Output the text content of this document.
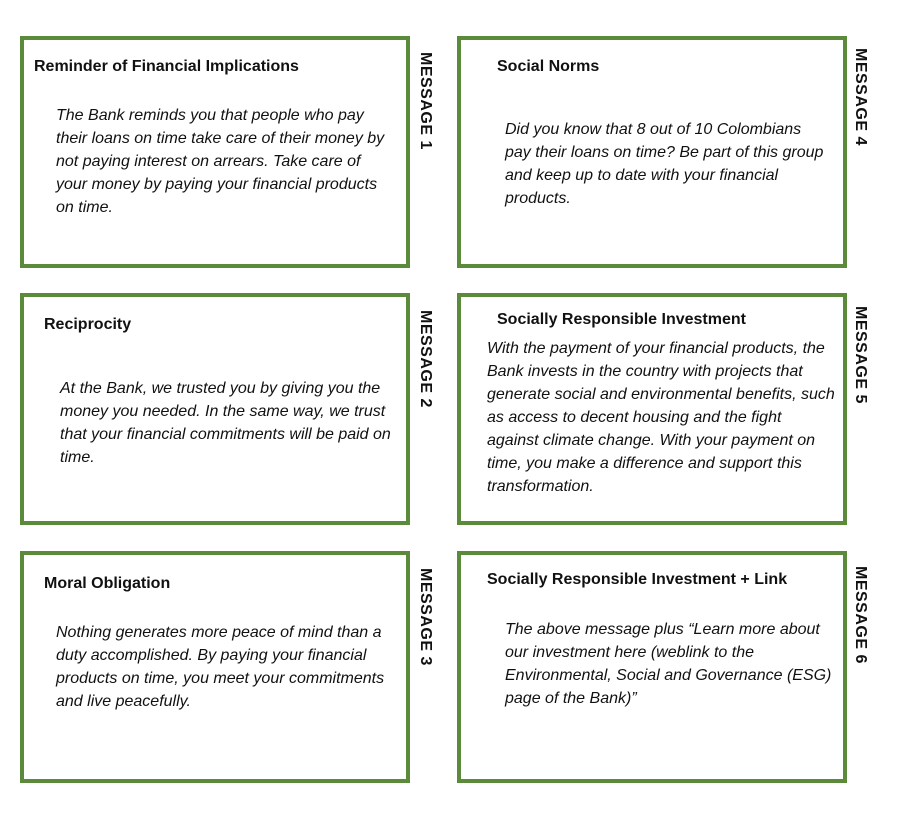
Reminder of Financial Implications

The Bank reminds you that people who pay their loans on time take care of their money by not paying interest on arrears. Take care of your money by paying your financial products on time.

MESSAGE 1
Reciprocity

At the Bank, we trusted you by giving you the money you needed. In the same way, we trust that your financial commitments will be paid on time.

MESSAGE 2
Moral Obligation

Nothing generates more peace of mind than a duty accomplished. By paying your financial products on time, you meet your commitments and live peacefully.

MESSAGE 3
Social Norms

Did you know that 8 out of 10 Colombians pay their loans on time? Be part of this group and keep up to date with your financial products.

MESSAGE 4
Socially Responsible Investment

With the payment of your financial products, the Bank invests in the country with projects that generate social and environmental benefits, such as access to decent housing and the fight against climate change. With your payment on time, you make a difference and support this transformation.

MESSAGE 5
Socially Responsible Investment + Link

The above message plus “Learn more about our investment here (weblink to the Environmental, Social and Governance (ESG) page of the Bank)”

MESSAGE 6
